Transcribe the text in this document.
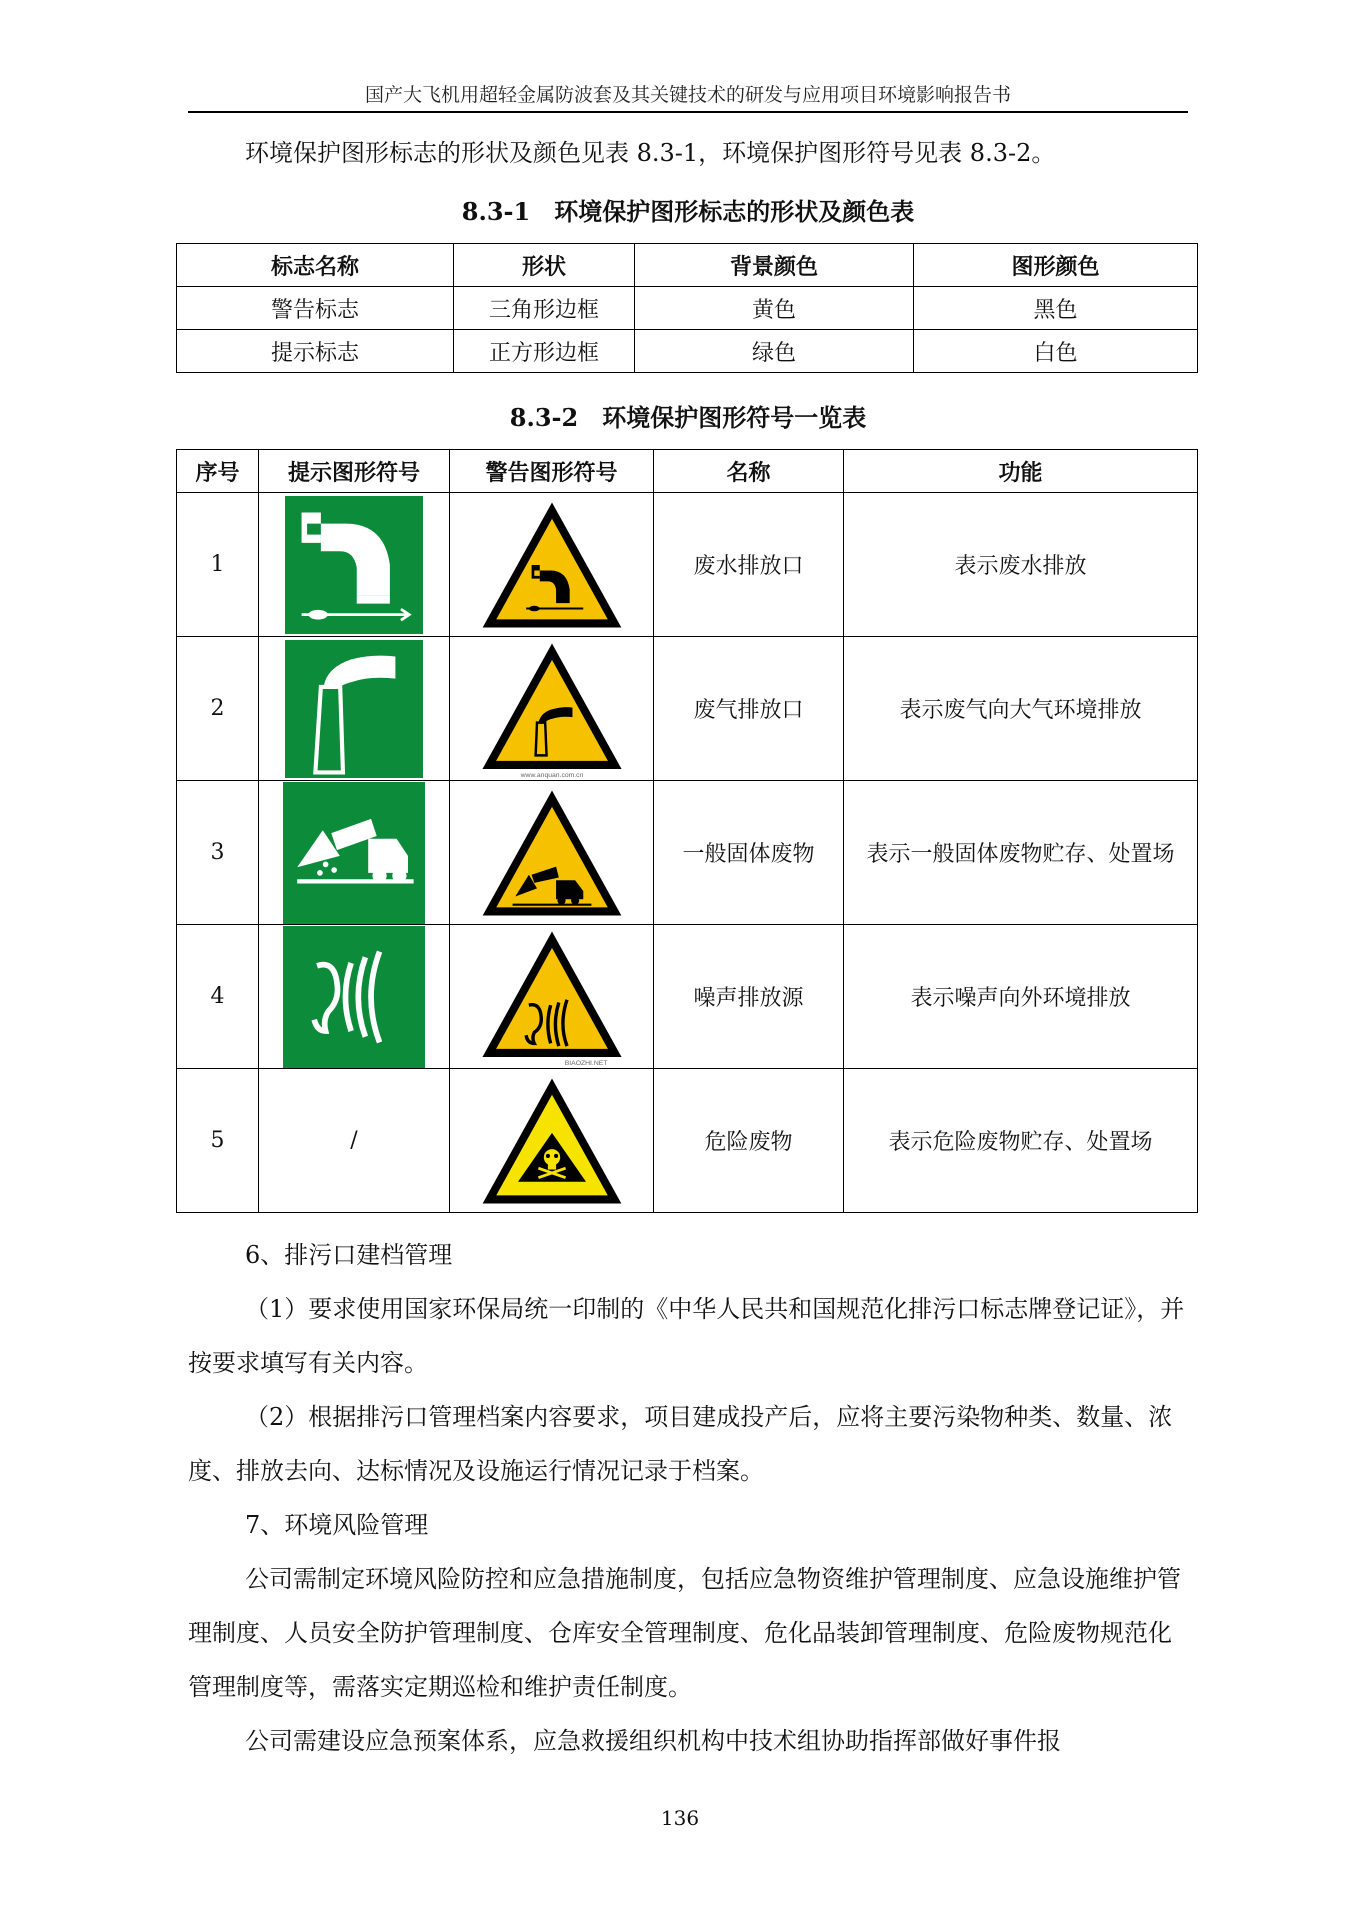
国产大飞机用超轻金属防波套及其关键技术的研发与应用项目环境影响报告书

环境保护图形标志的形状及颜色见表 8.3-1，环境保护图形符号见表 8.3-2。

8.3-1　环境保护图形标志的形状及颜色表
标志名称	形状	背景颜色	图形颜色
警告标志	三角形边框	黄色	黑色
提示标志	正方形边框	绿色	白色
8.3-2　环境保护图形符号一览表
序号	提示图形符号	警告图形符号	名称	功能
1			废水排放口	表示废水排放
2		www.anquan.com.cn	废气排放口	表示废气向大气环境排放
3			一般固体废物	表示一般固体废物贮存、处置场
4		BIAOZHI.NET	噪声排放源	表示噪声向外环境排放
5	/		危险废物	表示危险废物贮存、处置场

6、排污口建档管理

（1）要求使用国家环保局统一印制的《中华人民共和国规范化排污口标志牌登记证》，并按要求填写有关内容。

（2）根据排污口管理档案内容要求，项目建成投产后，应将主要污染物种类、数量、浓度、排放去向、达标情况及设施运行情况记录于档案。

7、环境风险管理

公司需制定环境风险防控和应急措施制度，包括应急物资维护管理制度、应急设施维护管理制度、人员安全防护管理制度、仓库安全管理制度、危化品装卸管理制度、危险废物规范化管理制度等，需落实定期巡检和维护责任制度。

公司需建设应急预案体系，应急救援组织机构中技术组协助指挥部做好事件报

136
